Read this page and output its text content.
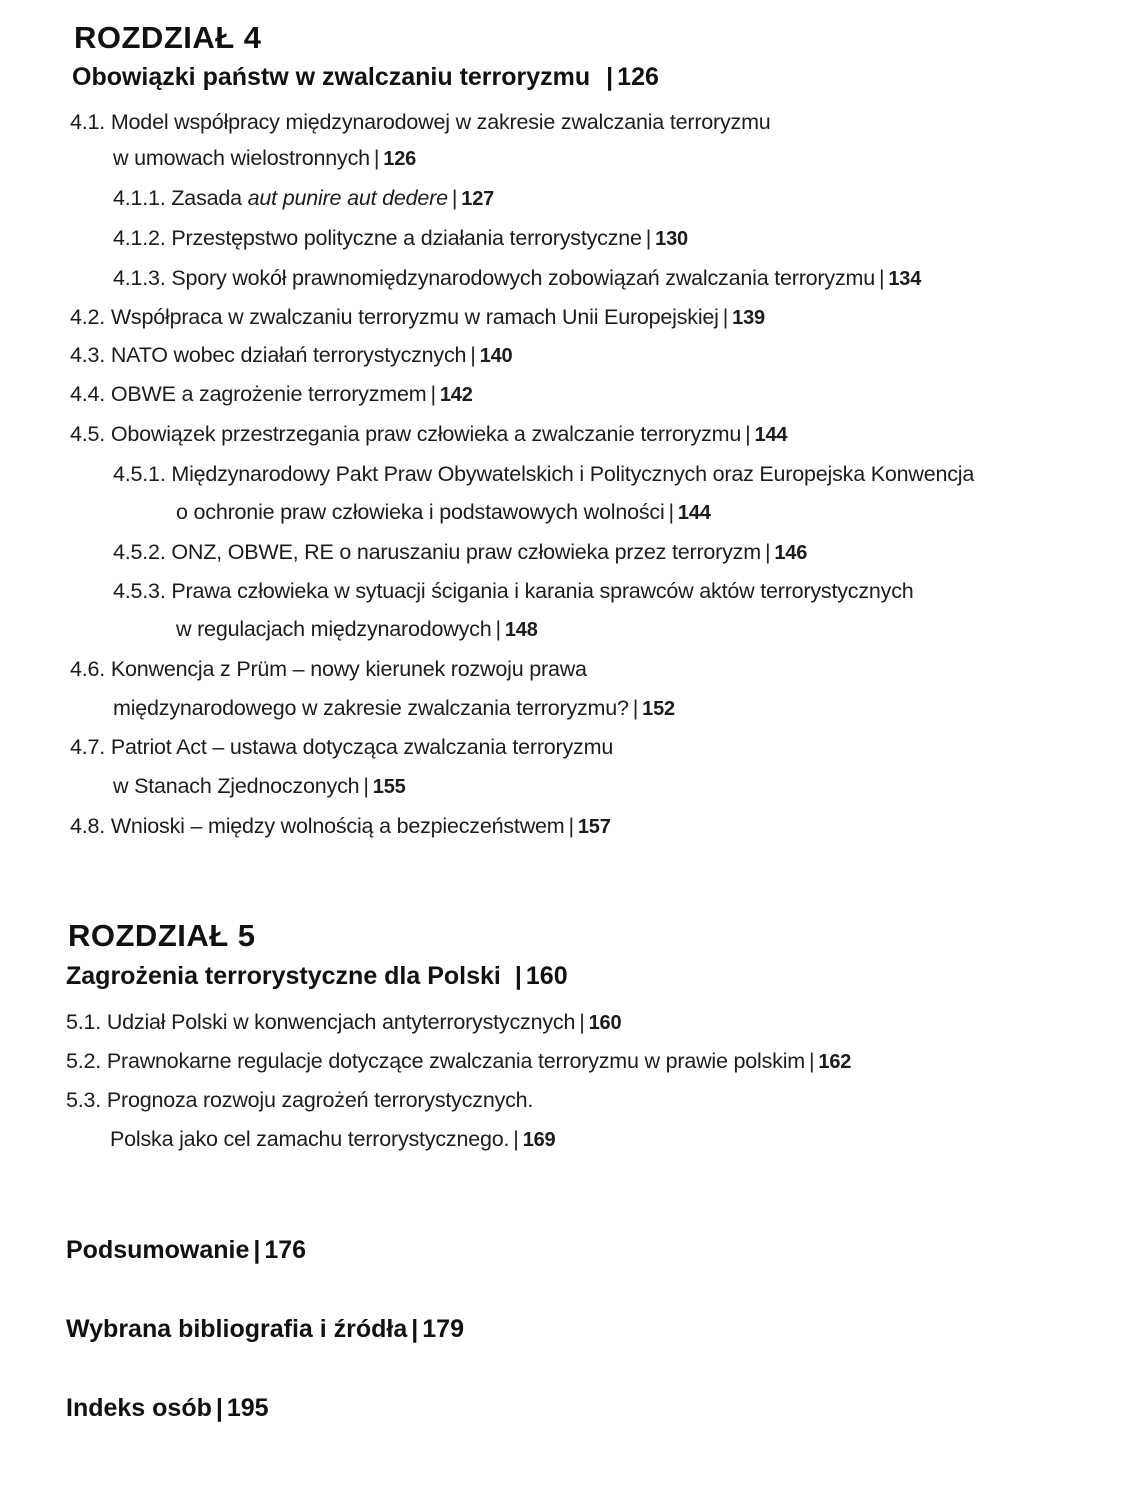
ROZDZIAŁ 4
Obowiązki państw w zwalczaniu terroryzmu | 126
4.1. Model współpracy międzynarodowej w zakresie zwalczania terroryzmu
w umowach wielostronnych | 126
4.1.1. Zasada aut punire aut dedere | 127
4.1.2. Przestępstwo polityczne a działania terrorystyczne | 130
4.1.3. Spory wokół prawnomiędzynarodowych zobowiązań zwalczania terroryzmu | 134
4.2. Współpraca w zwalczaniu terroryzmu w ramach Unii Europejskiej | 139
4.3. NATO wobec działań terrorystycznych | 140
4.4. OBWE a zagrożenie terroryzmem | 142
4.5. Obowiązek przestrzegania praw człowieka a zwalczanie terroryzmu | 144
4.5.1. Międzynarodowy Pakt Praw Obywatelskich i Politycznych oraz Europejska Konwencja
o ochronie praw człowieka i podstawowych wolności | 144
4.5.2. ONZ, OBWE, RE o naruszaniu praw człowieka przez terroryzm | 146
4.5.3. Prawa człowieka w sytuacji ścigania i karania sprawców aktów terrorystycznych
w regulacjach międzynarodowych | 148
4.6. Konwencja z Prüm – nowy kierunek rozwoju prawa
międzynarodowego w zakresie zwalczania terroryzmu? | 152
4.7. Patriot Act – ustawa dotycząca zwalczania terroryzmu
w Stanach Zjednoczonych | 155
4.8. Wnioski – między wolnością a bezpieczeństwem | 157
ROZDZIAŁ 5
Zagrożenia terrorystyczne dla Polski | 160
5.1. Udział Polski w konwencjach antyterrorystycznych | 160
5.2. Prawnokarne regulacje dotyczące zwalczania terroryzmu w prawie polskim | 162
5.3. Prognoza rozwoju zagrożeń terrorystycznych.
Polska jako cel zamachu terrorystycznego. | 169
Podsumowanie | 176
Wybrana bibliografia i źródła | 179
Indeks osób | 195
